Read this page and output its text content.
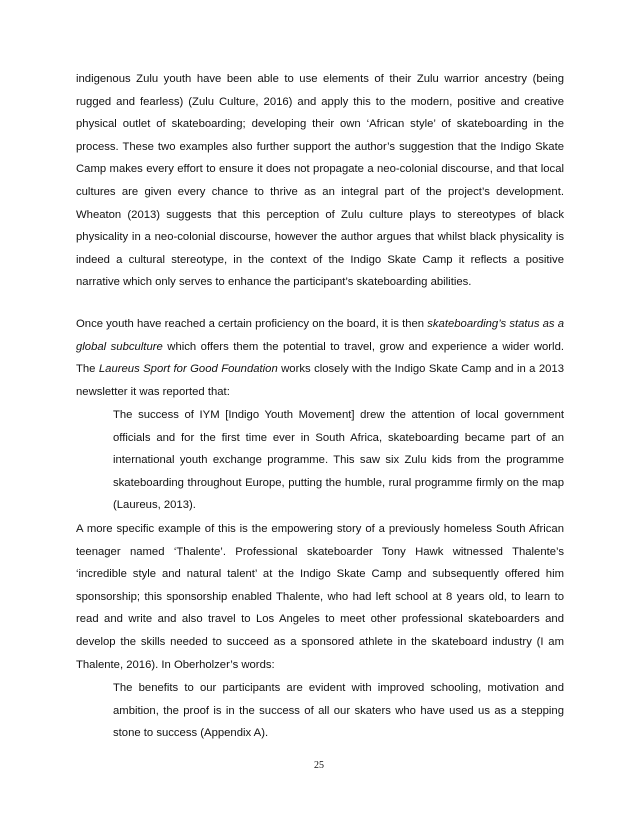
indigenous Zulu youth have been able to use elements of their Zulu warrior ancestry (being rugged and fearless) (Zulu Culture, 2016) and apply this to the modern, positive and creative physical outlet of skateboarding; developing their own ‘African style’ of skateboarding in the process. These two examples also further support the author’s suggestion that the Indigo Skate Camp makes every effort to ensure it does not propagate a neo-colonial discourse, and that local cultures are given every chance to thrive as an integral part of the project’s development. Wheaton (2013) suggests that this perception of Zulu culture plays to stereotypes of black physicality in a neo-colonial discourse, however the author argues that whilst black physicality is indeed a cultural stereotype, in the context of the Indigo Skate Camp it reflects a positive narrative which only serves to enhance the participant’s skateboarding abilities.

Once youth have reached a certain proficiency on the board, it is then skateboarding’s status as a global subculture which offers them the potential to travel, grow and experience a wider world. The Laureus Sport for Good Foundation works closely with the Indigo Skate Camp and in a 2013 newsletter it was reported that:

The success of IYM [Indigo Youth Movement] drew the attention of local government officials and for the first time ever in South Africa, skateboarding became part of an international youth exchange programme. This saw six Zulu kids from the programme skateboarding throughout Europe, putting the humble, rural programme firmly on the map (Laureus, 2013).

A more specific example of this is the empowering story of a previously homeless South African teenager named ‘Thalente’. Professional skateboarder Tony Hawk witnessed Thalente’s ‘incredible style and natural talent’ at the Indigo Skate Camp and subsequently offered him sponsorship; this sponsorship enabled Thalente, who had left school at 8 years old, to learn to read and write and also travel to Los Angeles to meet other professional skateboarders and develop the skills needed to succeed as a sponsored athlete in the skateboard industry (I am Thalente, 2016). In Oberholzer’s words:

The benefits to our participants are evident with improved schooling, motivation and ambition, the proof is in the success of all our skaters who have used us as a stepping stone to success (Appendix A).

25
